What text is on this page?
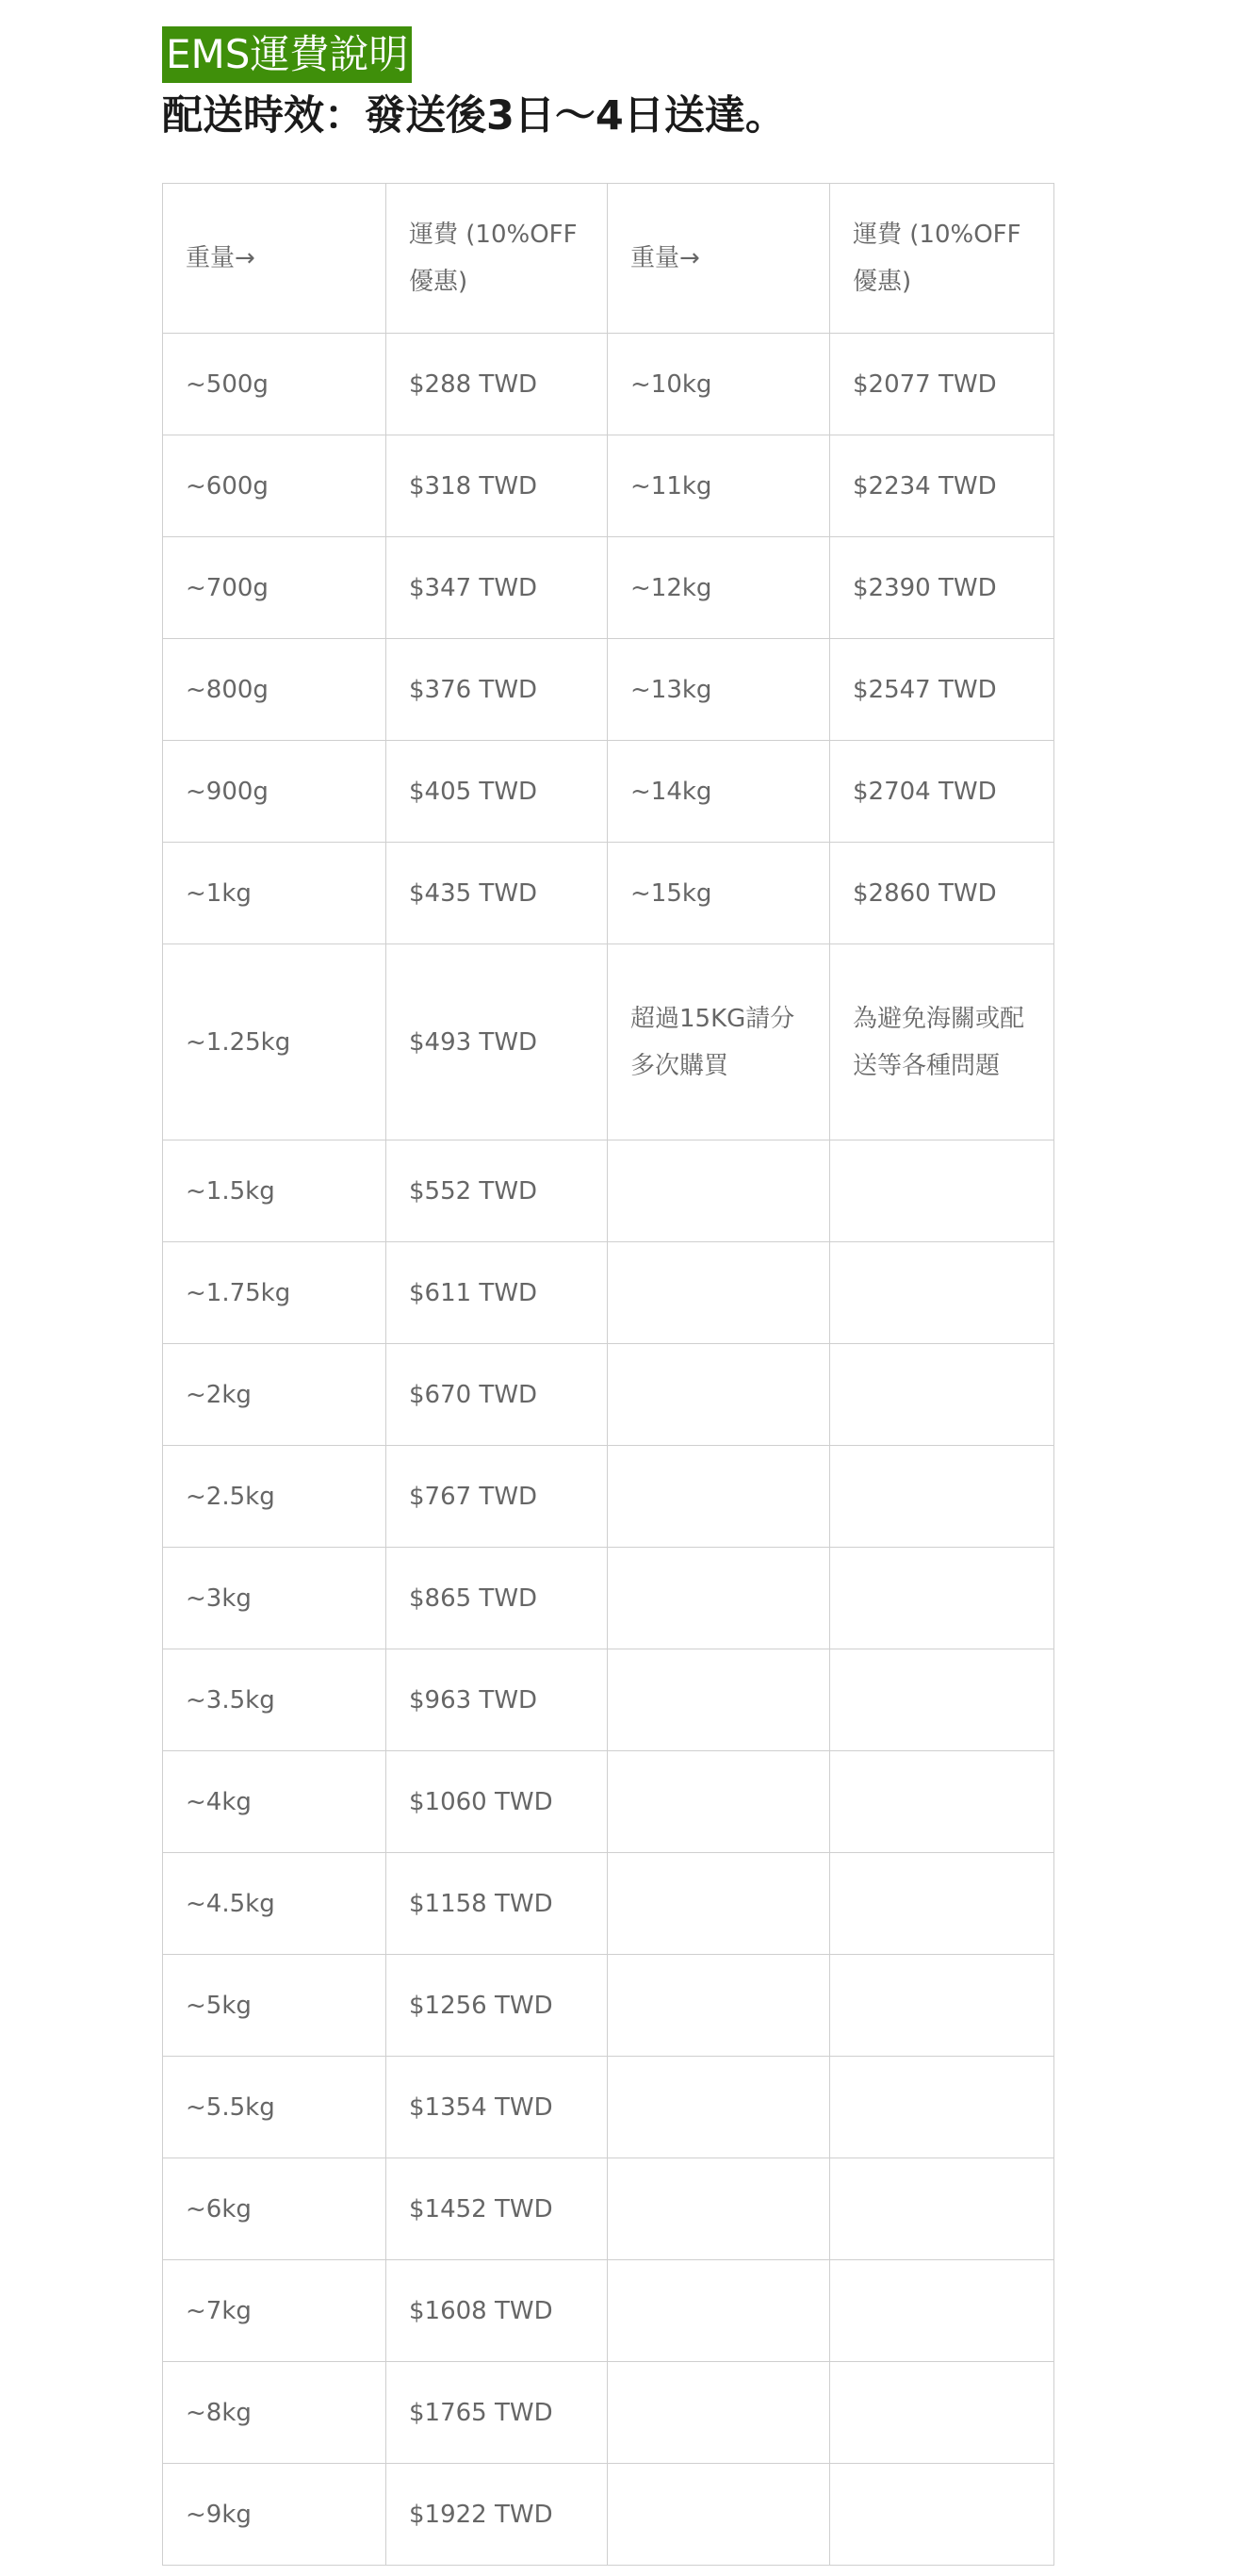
EMS運費說明
配送時效：發送後3日～4日送達。
重量→	運費 (10%OFF優惠)	重量→	運費 (10%OFF優惠)
~500g	$288 TWD	~10kg	$2077 TWD
~600g	$318 TWD	~11kg	$2234 TWD
~700g	$347 TWD	~12kg	$2390 TWD
~800g	$376 TWD	~13kg	$2547 TWD
~900g	$405 TWD	~14kg	$2704 TWD
~1kg	$435 TWD	~15kg	$2860 TWD
~1.25kg	$493 TWD	超過15KG請分多次購買	為避免海關或配送等各種問題
~1.5kg	$552 TWD		
~1.75kg	$611 TWD		
~2kg	$670 TWD		
~2.5kg	$767 TWD		
~3kg	$865 TWD		
~3.5kg	$963 TWD		
~4kg	$1060 TWD		
~4.5kg	$1158 TWD		
~5kg	$1256 TWD		
~5.5kg	$1354 TWD		
~6kg	$1452 TWD		
~7kg	$1608 TWD		
~8kg	$1765 TWD		
~9kg	$1922 TWD		
